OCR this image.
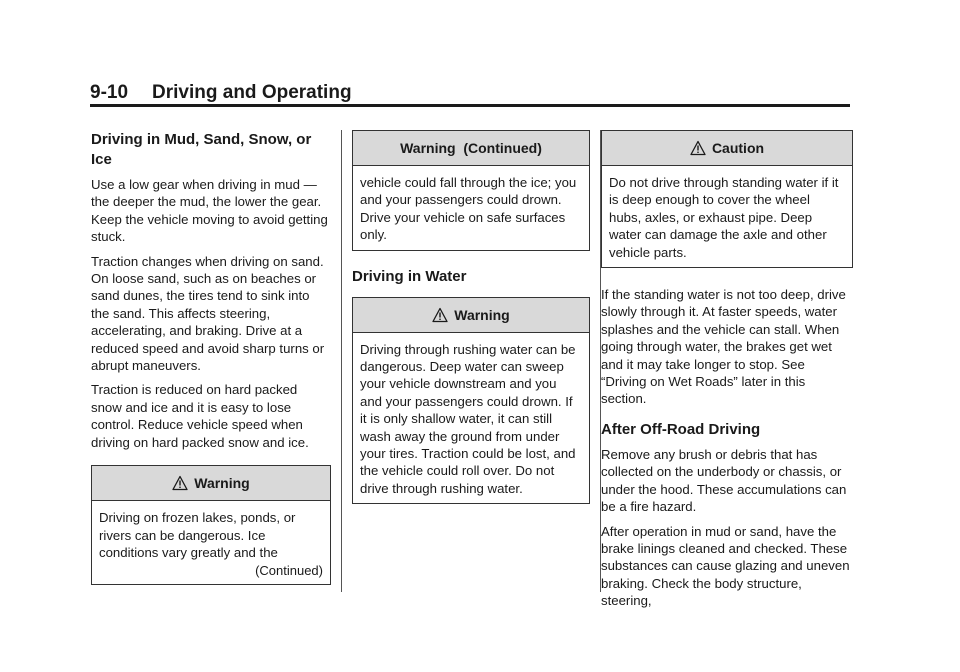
9-10 Driving and Operating
Driving in Mud, Sand, Snow, or Ice

Use a low gear when driving in mud — the deeper the mud, the lower the gear. Keep the vehicle moving to avoid getting stuck.

Traction changes when driving on sand. On loose sand, such as on beaches or sand dunes, the tires tend to sink into the sand. This affects steering, accelerating, and braking. Drive at a reduced speed and avoid sharp turns or abrupt maneuvers.

Traction is reduced on hard packed snow and ice and it is easy to lose control. Reduce vehicle speed when driving on hard packed snow and ice.

Warning

Driving on frozen lakes, ponds, or rivers can be dangerous. Ice conditions vary greatly and the

(Continued)
Warning  (Continued)

vehicle could fall through the ice; you and your passengers could drown. Drive your vehicle on safe surfaces only.

Driving in Water
Warning

Driving through rushing water can be dangerous. Deep water can sweep your vehicle downstream and you and your passengers could drown. If it is only shallow water, it can still wash away the ground from under your tires. Traction could be lost, and the vehicle could roll over. Do not drive through rushing water.

Caution

Do not drive through standing water if it is deep enough to cover the wheel hubs, axles, or exhaust pipe. Deep water can damage the axle and other vehicle parts.

If the standing water is not too deep, drive slowly through it. At faster speeds, water splashes and the vehicle can stall. When going through water, the brakes get wet and it may take longer to stop. See “Driving on Wet Roads” later in this section.

After Off-Road Driving

Remove any brush or debris that has collected on the underbody or chassis, or under the hood. These accumulations can be a fire hazard.

After operation in mud or sand, have the brake linings cleaned and checked. These substances can cause glazing and uneven braking. Check the body structure, steering,
